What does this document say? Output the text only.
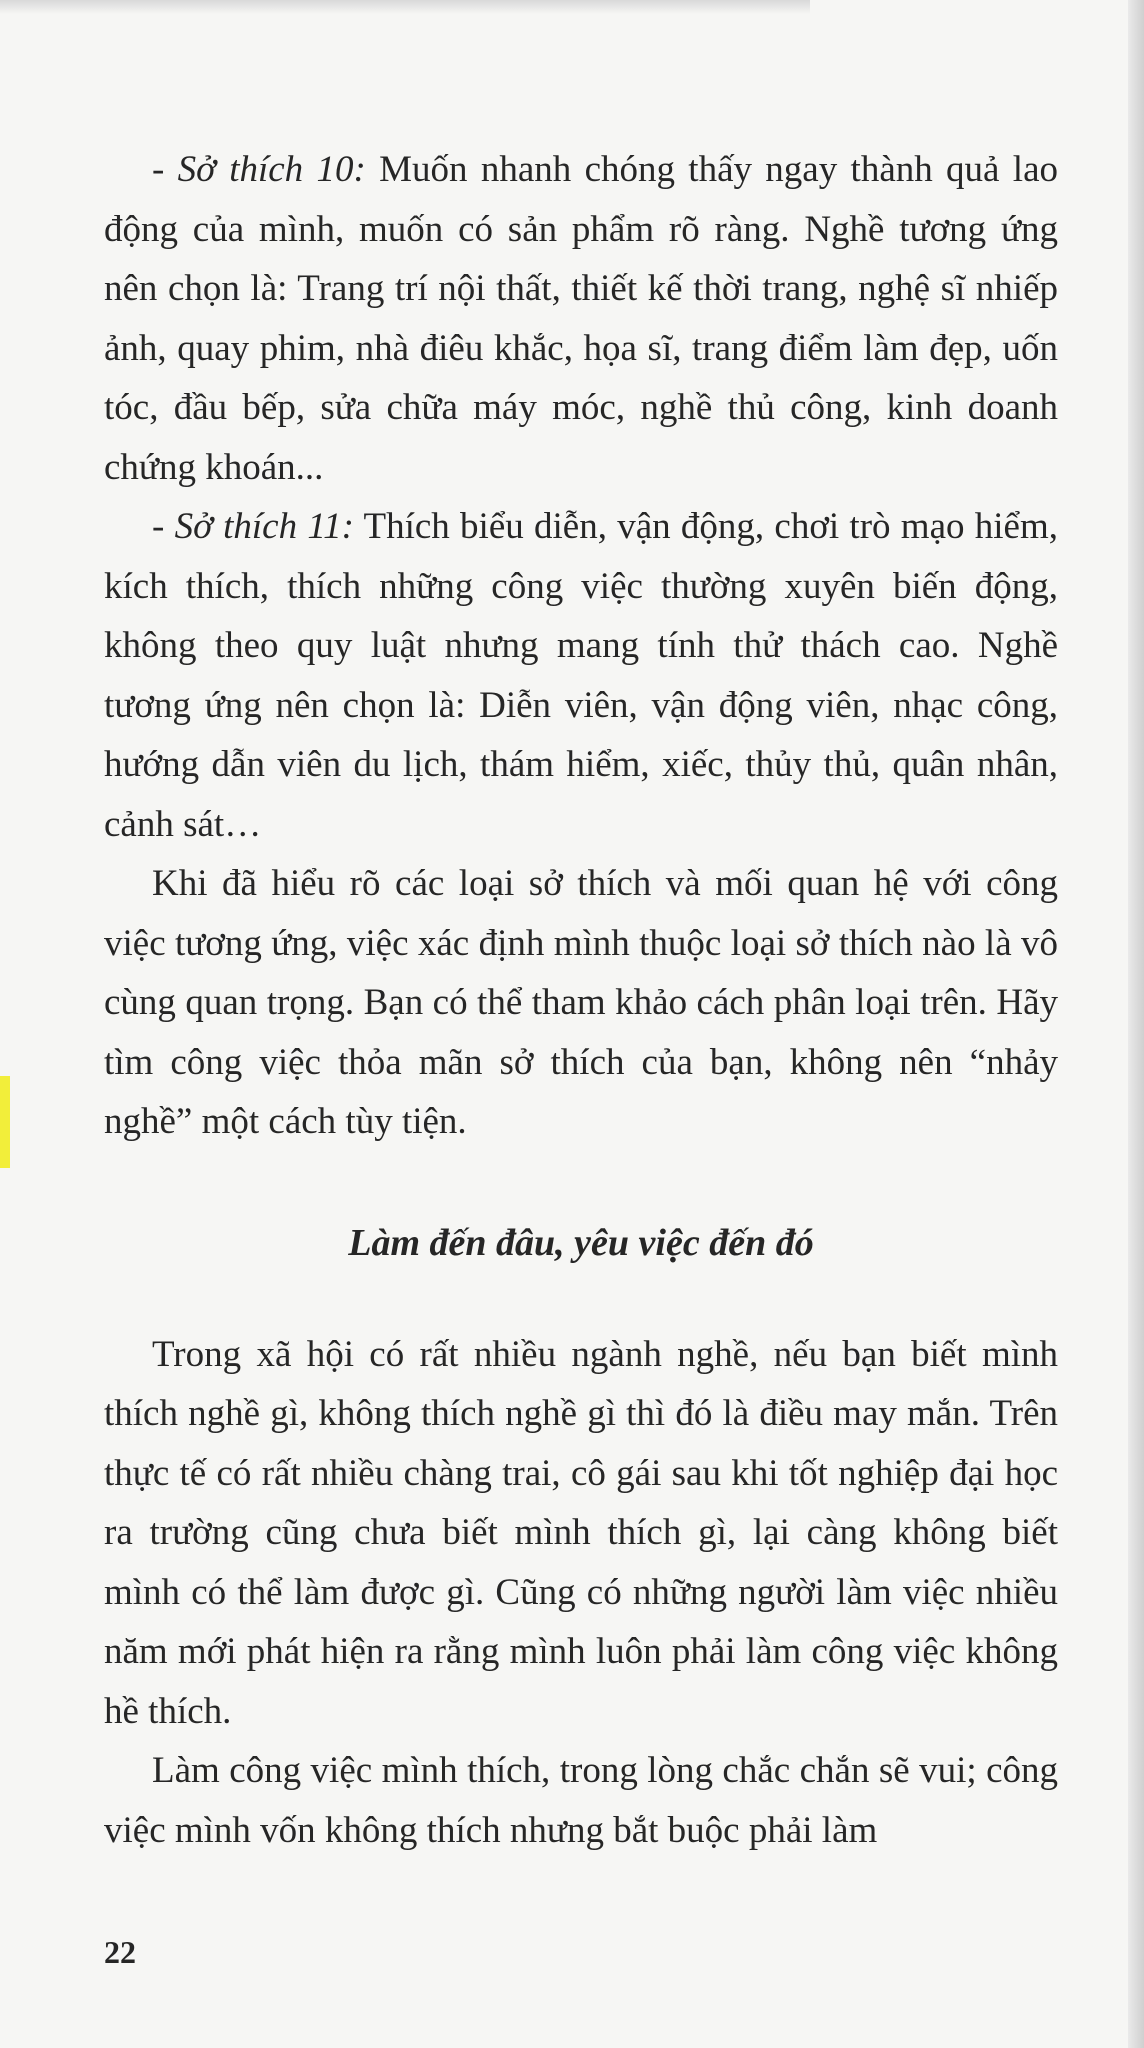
- Sở thích 10: Muốn nhanh chóng thấy ngay thành quả lao động của mình, muốn có sản phẩm rõ ràng. Nghề tương ứng nên chọn là: Trang trí nội thất, thiết kế thời trang, nghệ sĩ nhiếp ảnh, quay phim, nhà điêu khắc, họa sĩ, trang điểm làm đẹp, uốn tóc, đầu bếp, sửa chữa máy móc, nghề thủ công, kinh doanh chứng khoán...

- Sở thích 11: Thích biểu diễn, vận động, chơi trò mạo hiểm, kích thích, thích những công việc thường xuyên biến động, không theo quy luật nhưng mang tính thử thách cao. Nghề tương ứng nên chọn là: Diễn viên, vận động viên, nhạc công, hướng dẫn viên du lịch, thám hiểm, xiếc, thủy thủ, quân nhân, cảnh sát…

Khi đã hiểu rõ các loại sở thích và mối quan hệ với công việc tương ứng, việc xác định mình thuộc loại sở thích nào là vô cùng quan trọng. Bạn có thể tham khảo cách phân loại trên. Hãy tìm công việc thỏa mãn sở thích của bạn, không nên “nhảy nghề” một cách tùy tiện.

Làm đến đâu, yêu việc đến đó

Trong xã hội có rất nhiều ngành nghề, nếu bạn biết mình thích nghề gì, không thích nghề gì thì đó là điều may mắn. Trên thực tế có rất nhiều chàng trai, cô gái sau khi tốt nghiệp đại học ra trường cũng chưa biết mình thích gì, lại càng không biết mình có thể làm được gì. Cũng có những người làm việc nhiều năm mới phát hiện ra rằng mình luôn phải làm công việc không hề thích.

Làm công việc mình thích, trong lòng chắc chắn sẽ vui; công việc mình vốn không thích nhưng bắt buộc phải làm

22
